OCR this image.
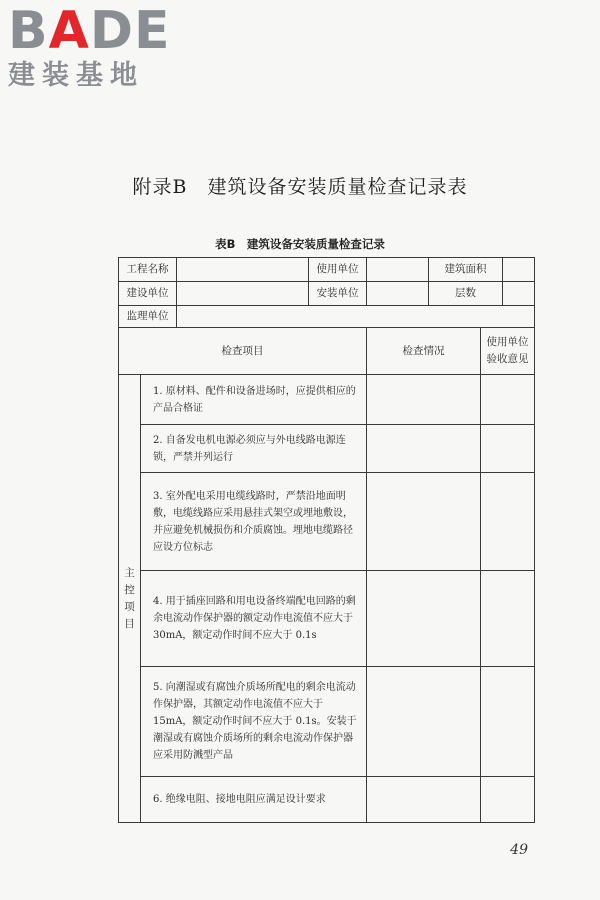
BADE
建装基地
附录B　建筑设备安装质量检查记录表
表B　建筑设备安装质量检查记录
工程名称			使用单位		建筑面积		
建设单位			安装单位		层数		
监理单位							
检查项目				检查情况		使用单位
验收意见	

主
控
项
目	1. 原材料、配件和设备进场时，应提供相应的产品合格证						
	2. 自备发电机电源必须应与外电线路电源连锁，严禁并列运行						
	3. 室外配电采用电缆线路时，严禁沿地面明敷，电缆线路应采用悬挂式架空或埋地敷设，并应避免机械损伤和介质腐蚀。埋地电缆路径应设方位标志						
	4. 用于插座回路和用电设备终端配电回路的剩余电流动作保护器的额定动作电流值不应大于 30mA，额定动作时间不应大于 0.1s						
	5. 向潮湿或有腐蚀介质场所配电的剩余电流动作保护器，其额定动作电流值不应大于 15mA，额定动作时间不应大于 0.1s。安装于潮湿或有腐蚀介质场所的剩余电流动作保护器应采用防溅型产品						
	6. 绝缘电阻、接地电阻应满足设计要求						
49
